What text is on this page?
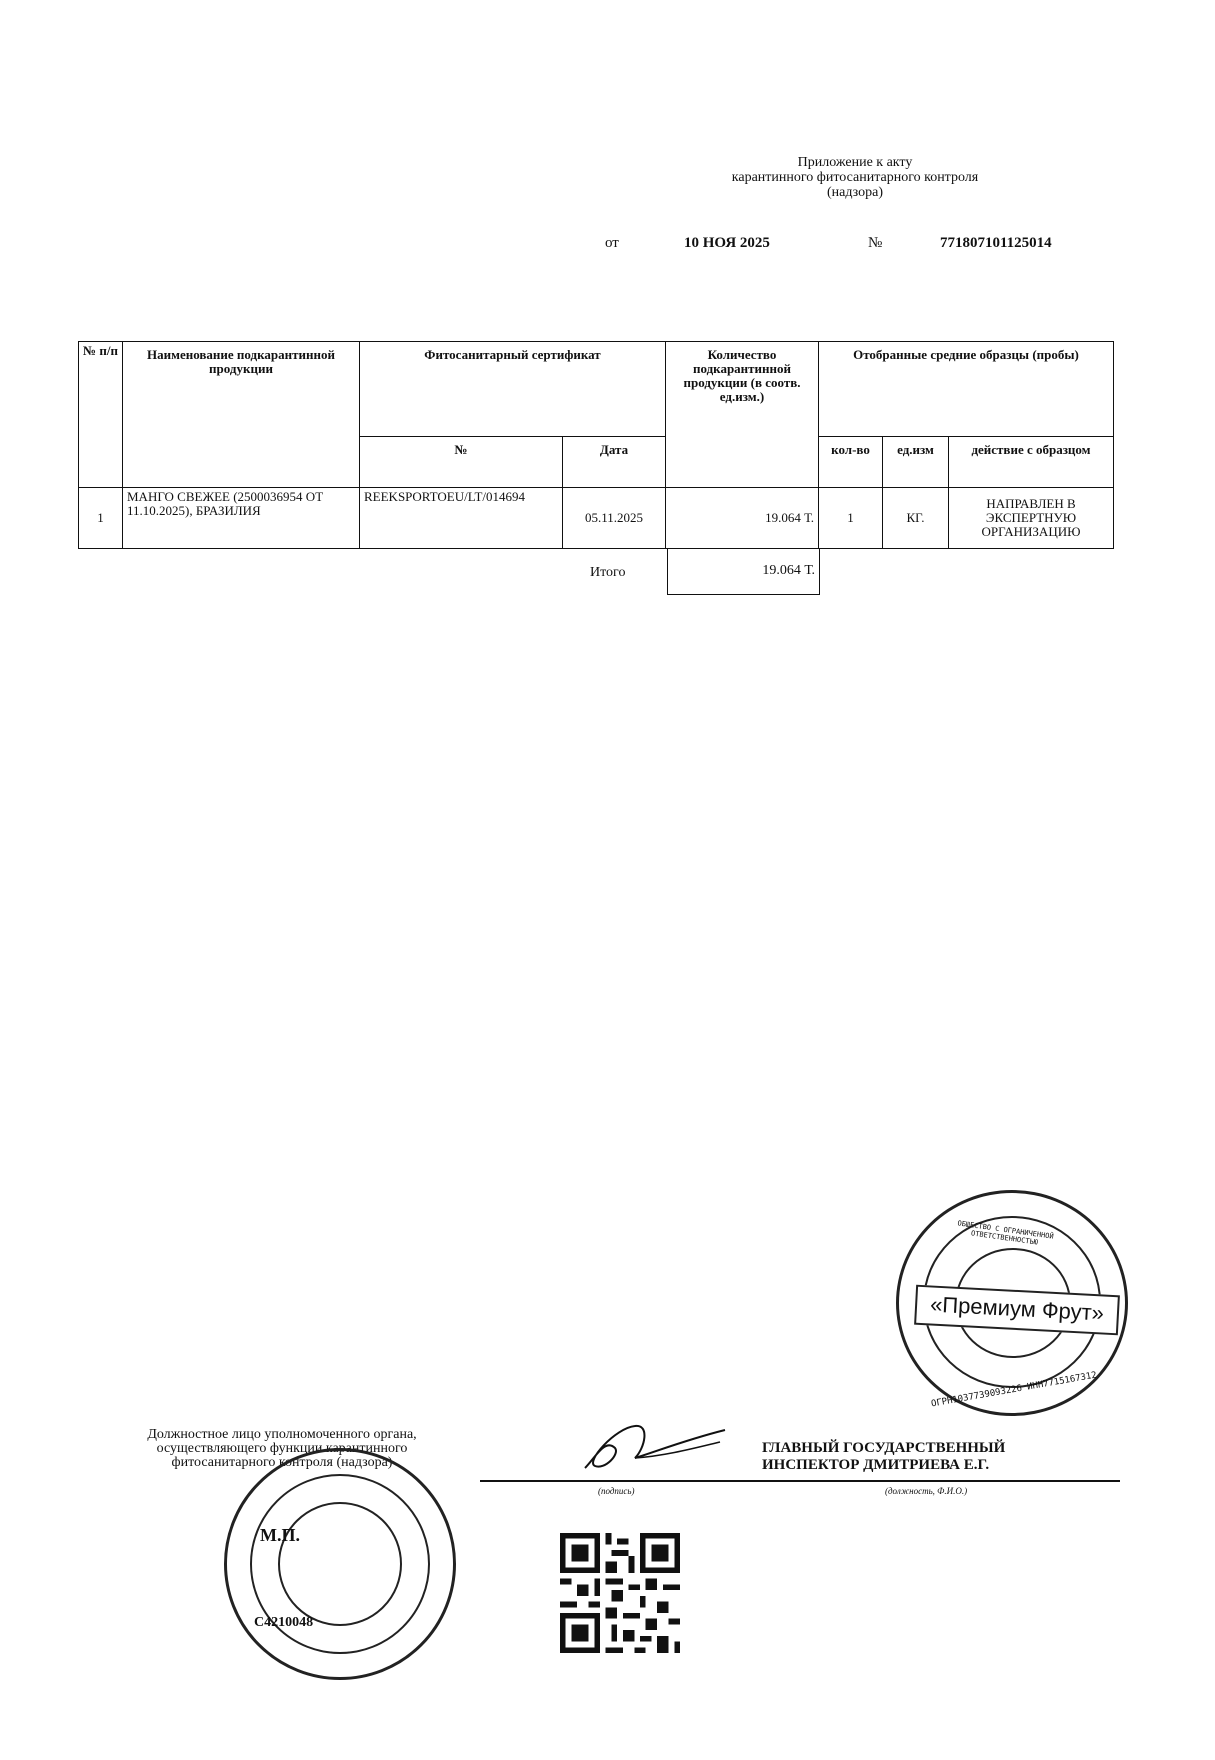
Приложение к акту
карантинного фитосанитарного контроля
(надзора)
от	10 НОЯ 2025	№	771807101125014
№ п/п	Наименование подкарантинной продукции	Фитосанитарный сертификат		Количество подкарантинной продукции (в соотв. ед.изм.)	Отобранные средние образцы (пробы)		
		№	Дата		кол-во	ед.изм	действие с образцом
1	МАНГО СВЕЖЕЕ (2500036954 ОТ 11.10.2025), БРАЗИЛИЯ	REEKSPORTOEU/LT/014694	05.11.2025	19.064 Т.	1	КГ.	НАПРАВЛЕН В ЭКСПЕРТНУЮ ОРГАНИЗАЦИЮ
Итого	19.064 Т.
ОБЩЕСТВО С ОГРАНИЧЕННОЙ ОТВЕТСТВЕННОСТЬЮ
«Премиум Фрут»
ОГРН1037739093226 ИНН7715167312
Должностное лицо уполномоченного органа, осуществляющего функции карантинного фитосанитарного контроля (надзора)
(подпись)	(должность, Ф.И.О.)
ГЛАВНЫЙ ГОСУДАРСТВЕННЫЙ
ИНСПЕКТОР ДМИТРИЕВА Е.Г.
М.П.
С4210048
